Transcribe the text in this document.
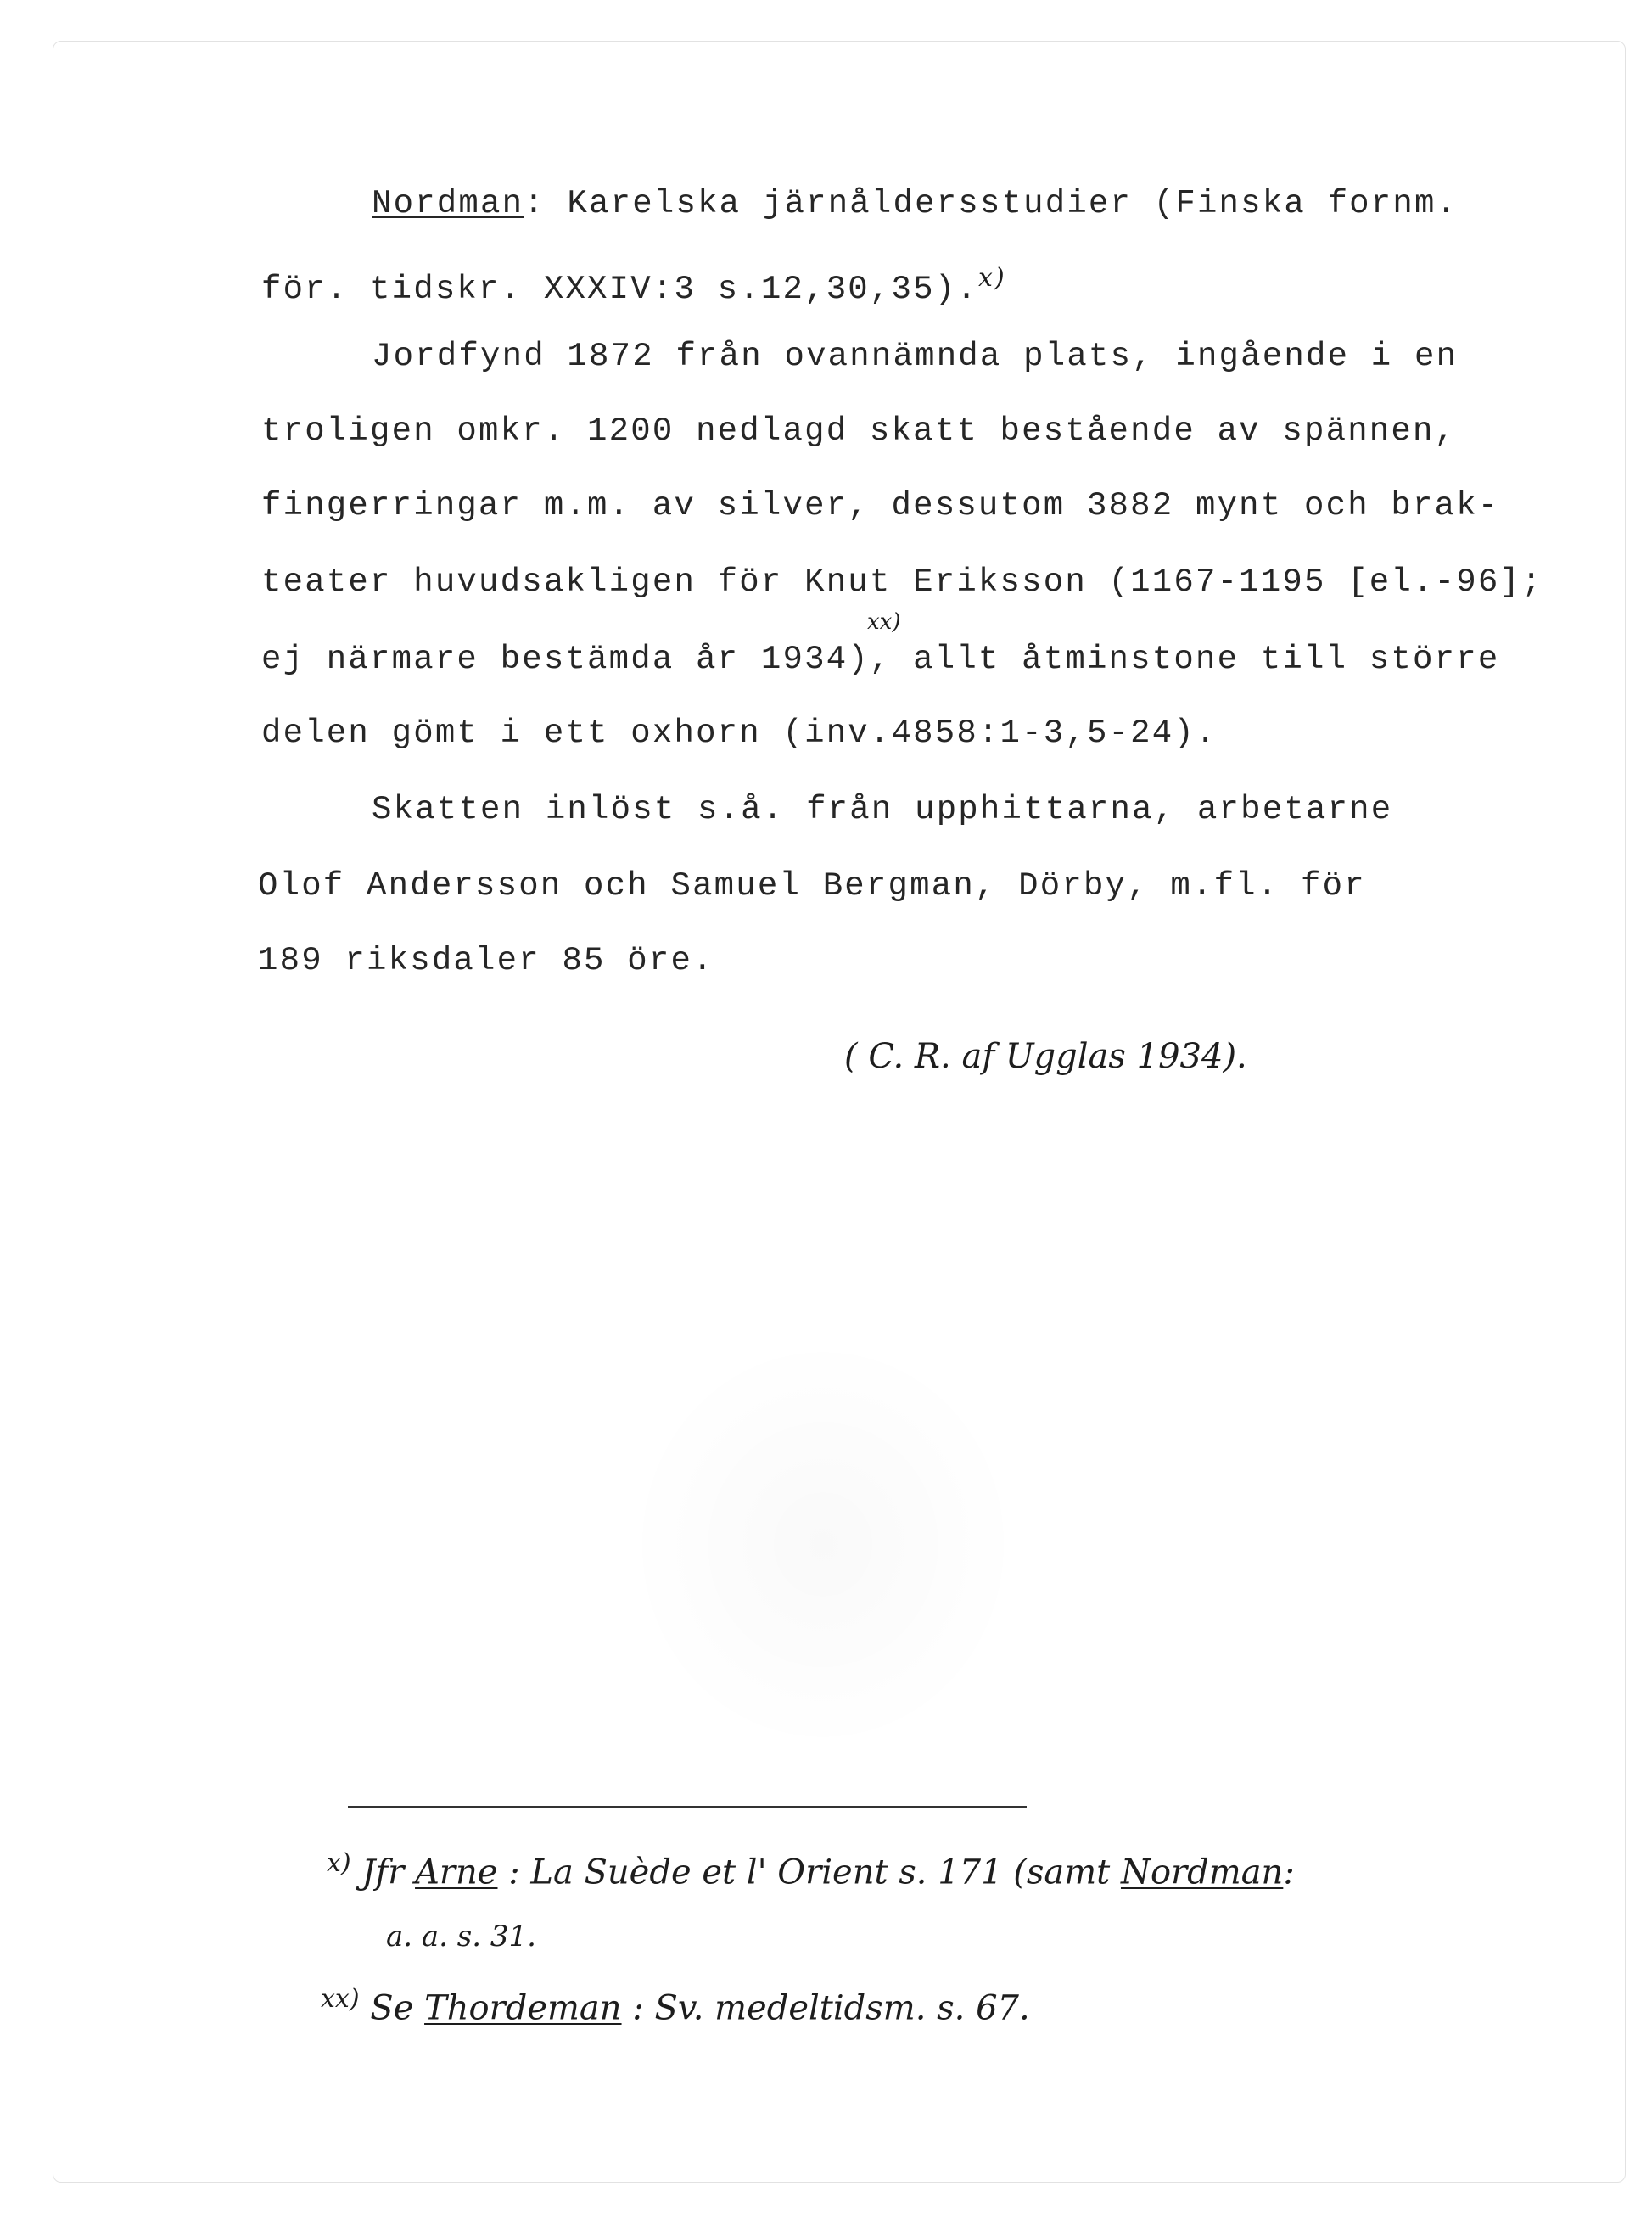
Nordman: Karelska järnåldersstudier (Finska fornm.
för. tidskr. XXXIV:3 s.12,30,35).$^{x)}$
Jordfynd 1872 från ovannämnda plats, ingående i en
troligen omkr. 1200 nedlagd skatt bestående av spännen,
fingerringar m.m. av silver, dessutom 3882 mynt och brak-
teater huvudsakligen för Knut Eriksson (1167-1195 [el.-96];
xx)
ej närmare bestämda år 1934), allt åtminstone till större
delen gömt i ett oxhorn (inv.4858:1-3,5-24).
Skatten inlöst s.å. från upphittarna, arbetarne
Olof Andersson och Samuel Bergman, Dörby, m.fl. för
189 riksdaler 85 öre.
( C. R. af Ugglas 1934).
$^{x)}$ Jfr Arne : La Suède et l' Orient s. 171 (samt Nordman:
a. a. s. 31.
$^{xx)}$ Se Thordeman : Sv. medeltidsm. s. 67.
